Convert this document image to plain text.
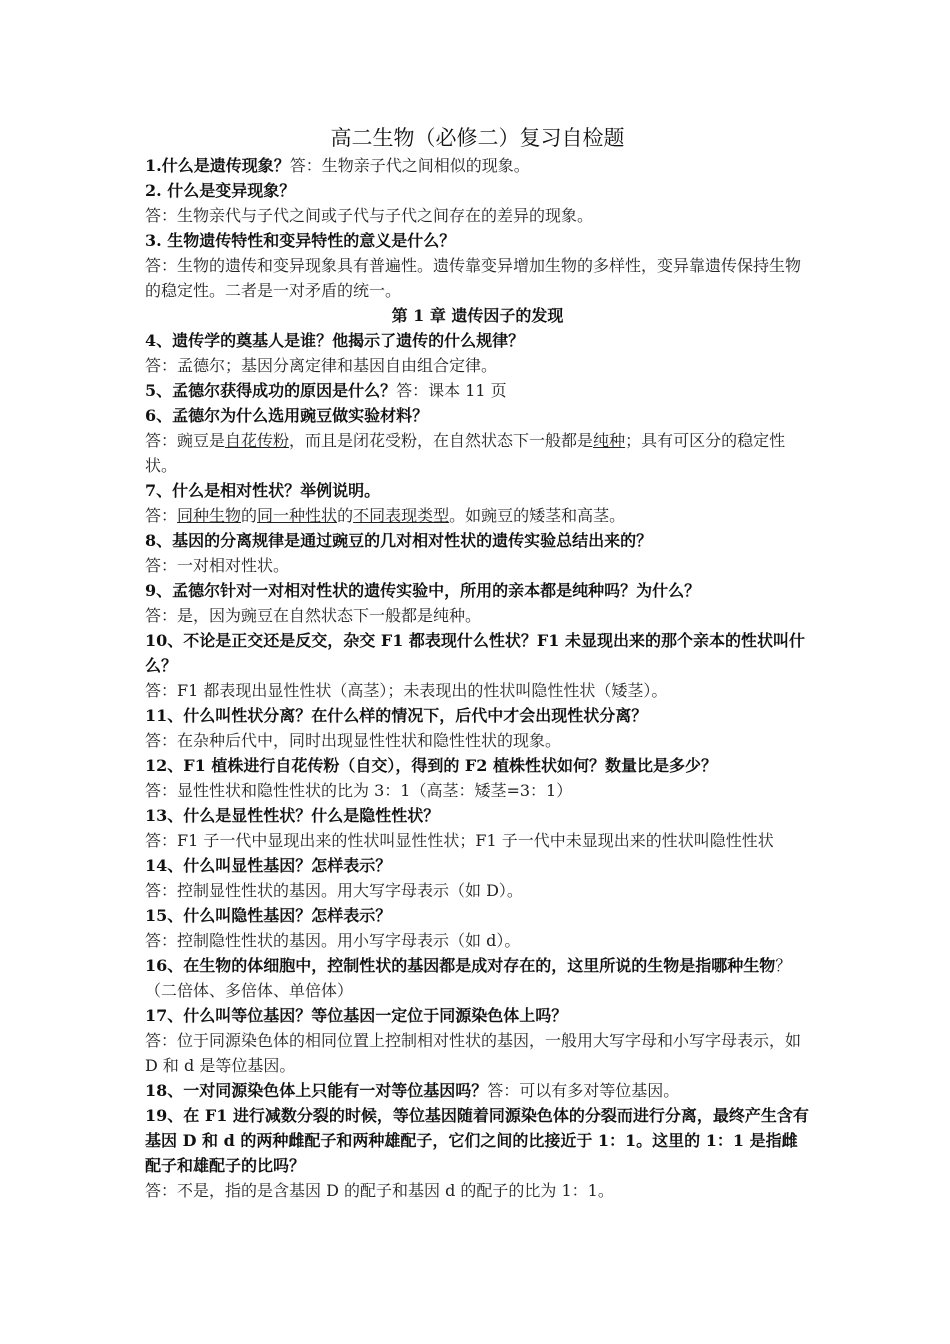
高二生物（必修二）复习自检题
1.什么是遗传现象？答：生物亲子代之间相似的现象。
2. 什么是变异现象？
答：生物亲代与子代之间或子代与子代之间存在的差异的现象。
3. 生物遗传特性和变异特性的意义是什么？
答：生物的遗传和变异现象具有普遍性。遗传靠变异增加生物的多样性，变异靠遗传保持生物的稳定性。二者是一对矛盾的统一。
第 1 章 遗传因子的发现
4、遗传学的奠基人是谁？他揭示了遗传的什么规律？
答：孟德尔；基因分离定律和基因自由组合定律。
5、孟德尔获得成功的原因是什么？答：课本 11 页
6、孟德尔为什么选用豌豆做实验材料？
答：豌豆是自花传粉，而且是闭花受粉，在自然状态下一般都是纯种；具有可区分的稳定性状。
7、什么是相对性状？举例说明。
答：同种生物的同一种性状的不同表现类型。如豌豆的矮茎和高茎。
8、基因的分离规律是通过豌豆的几对相对性状的遗传实验总结出来的？
答：一对相对性状。
9、孟德尔针对一对相对性状的遗传实验中，所用的亲本都是纯种吗？为什么？
答：是，因为豌豆在自然状态下一般都是纯种。
10、不论是正交还是反交，杂交 F1 都表现什么性状？F1 未显现出来的那个亲本的性状叫什么？
答：F1 都表现出显性性状（高茎）；未表现出的性状叫隐性性状（矮茎）。
11、什么叫性状分离？在什么样的情况下，后代中才会出现性状分离？
答：在杂种后代中，同时出现显性性状和隐性性状的现象。
12、F1 植株进行自花传粉（自交），得到的 F2 植株性状如何？数量比是多少？
答：显性性状和隐性性状的比为 3：1（高茎：矮茎=3：1）
13、什么是显性性状？什么是隐性性状？
答：F1 子一代中显现出来的性状叫显性性状；F1 子一代中未显现出来的性状叫隐性性状
14、什么叫显性基因？怎样表示？
答：控制显性性状的基因。用大写字母表示（如 D）。
15、什么叫隐性基因？怎样表示？
答：控制隐性性状的基因。用小写字母表示（如 d）。
16、在生物的体细胞中，控制性状的基因都是成对存在的，这里所说的生物是指哪种生物？（二倍体、多倍体、单倍体）
17、什么叫等位基因？等位基因一定位于同源染色体上吗？
答：位于同源染色体的相同位置上控制相对性状的基因，一般用大写字母和小写字母表示，如 D 和 d 是等位基因。
18、一对同源染色体上只能有一对等位基因吗？答：可以有多对等位基因。
19、在 F1 进行减数分裂的时候，等位基因随着同源染色体的分裂而进行分离，最终产生含有基因 D 和 d 的两种雌配子和两种雄配子，它们之间的比接近于 1：1。这里的 1：1 是指雌配子和雄配子的比吗？
答：不是，指的是含基因 D 的配子和基因 d 的配子的比为 1：1。
